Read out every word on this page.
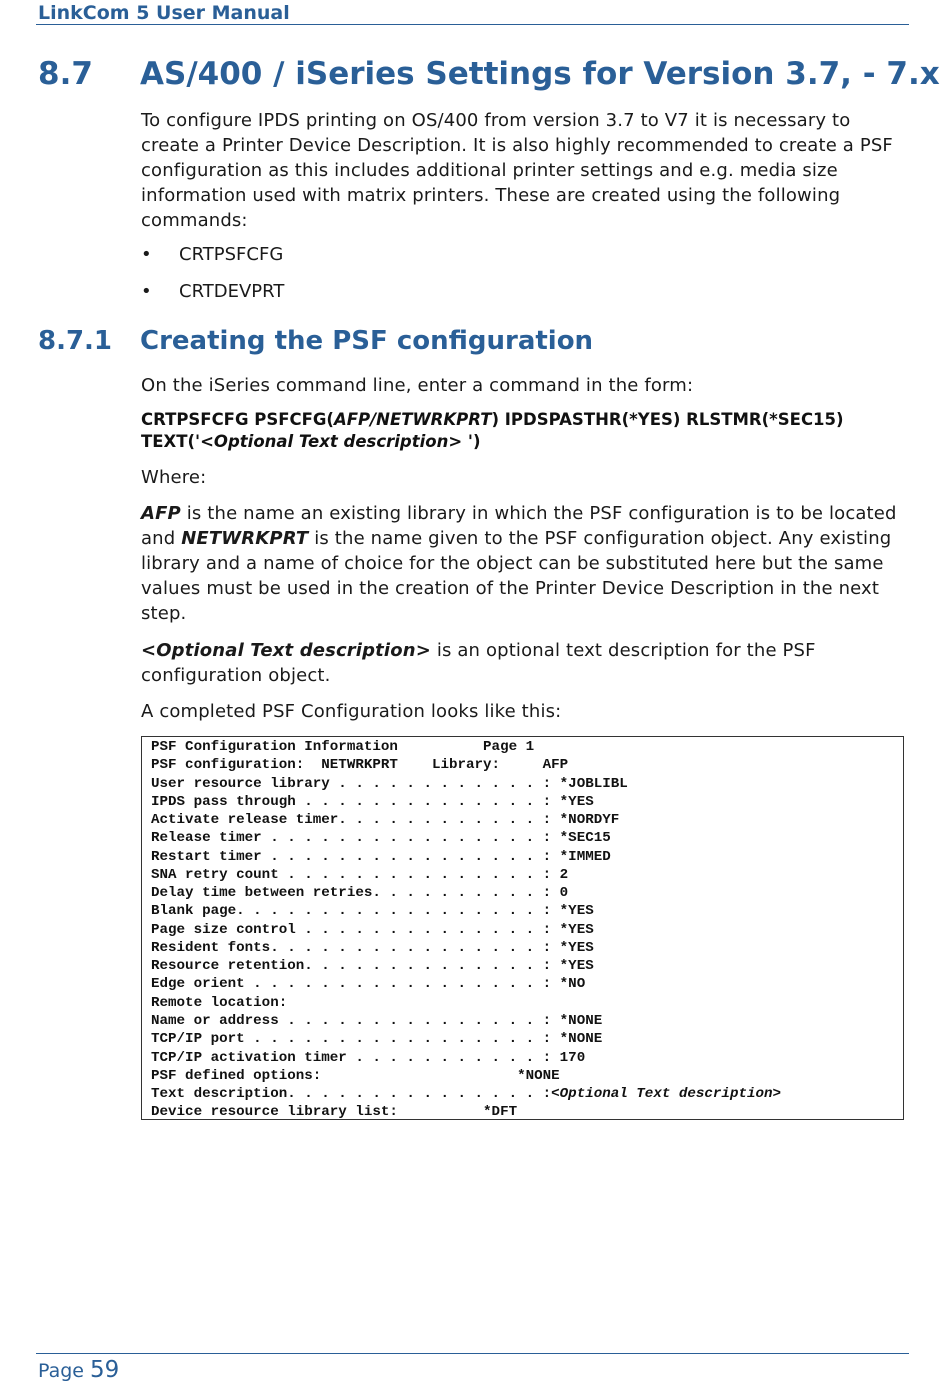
LinkCom 5 User Manual
8.7 AS/400 / iSeries Settings for Version 3.7, - 7.x
To configure IPDS printing on OS/400 from version 3.7 to V7 it is necessary to create a Printer Device Description. It is also highly recommended to create a PSF configuration as this includes additional printer settings and e.g. media size information used with matrix printers. These are created using the following commands:
• CRTPSFCFG
• CRTDEVPRT
8.7.1 Creating the PSF configuration
On the iSeries command line, enter a command in the form:
CRTPSFCFG PSFCFG(AFP/NETWRKPRT) IPDSPASTHR(*YES) RLSTMR(*SEC15)
TEXT('<Optional Text description> ')
Where:
AFP is the name an existing library in which the PSF configuration is to be located and NETWRKPRT is the name given to the PSF configuration object. Any existing library and a name of choice for the object can be substituted here but the same values must be used in the creation of the Printer Device Description in the next step.
<Optional Text description> is an optional text description for the PSF configuration object.
A completed PSF Configuration looks like this:
PSF Configuration Information          Page 1
PSF configuration:  NETWRKPRT    Library:     AFP
User resource library . . . . . . . . . . . . : *JOBLIBL
IPDS pass through . . . . . . . . . . . . . . : *YES
Activate release timer. . . . . . . . . . . . : *NORDYF
Release timer . . . . . . . . . . . . . . . . : *SEC15
Restart timer . . . . . . . . . . . . . . . . : *IMMED
SNA retry count . . . . . . . . . . . . . . . : 2
Delay time between retries. . . . . . . . . . : 0
Blank page. . . . . . . . . . . . . . . . . . : *YES
Page size control . . . . . . . . . . . . . . : *YES
Resident fonts. . . . . . . . . . . . . . . . : *YES
Resource retention. . . . . . . . . . . . . . : *YES
Edge orient . . . . . . . . . . . . . . . . . : *NO
Remote location:
Name or address . . . . . . . . . . . . . . . : *NONE
TCP/IP port . . . . . . . . . . . . . . . . . : *NONE
TCP/IP activation timer . . . . . . . . . . . : 170
PSF defined options:                       *NONE
Text description. . . . . . . . . . . . . . . :<Optional Text description>
Device resource library list:          *DFT
Page 59
